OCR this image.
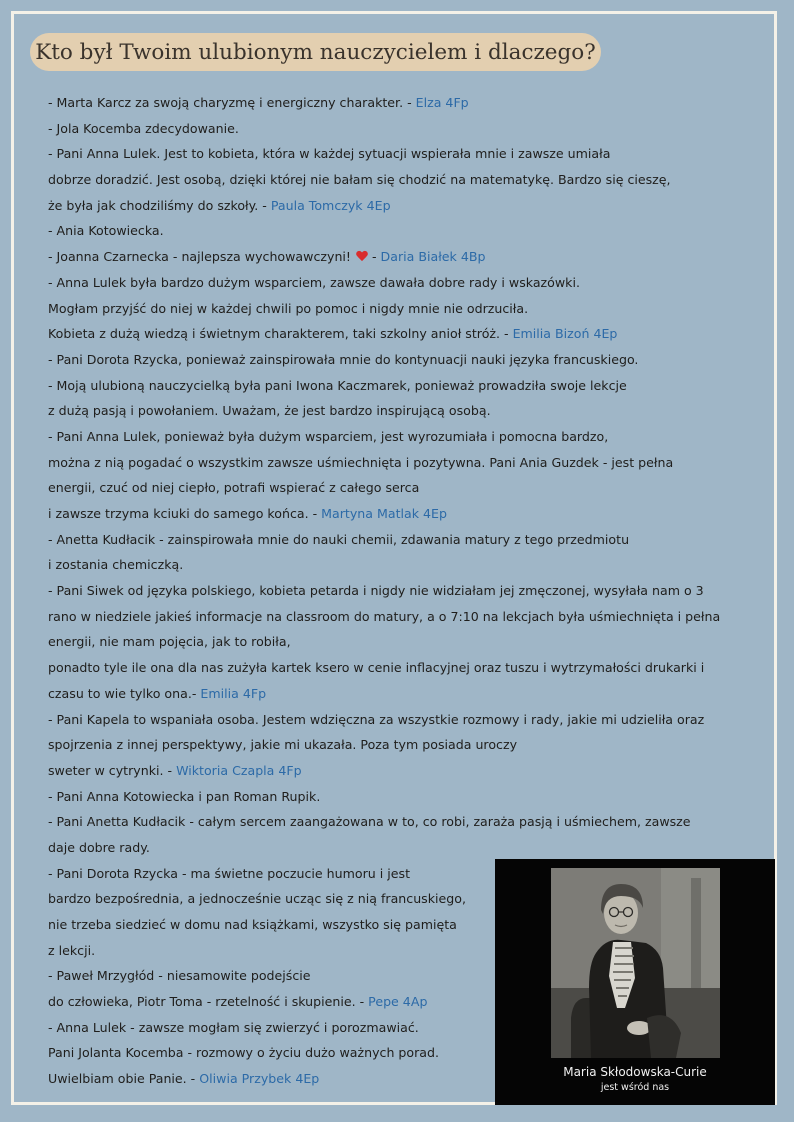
Kto był Twoim ulubionym nauczycielem i dlaczego?
- Marta Karcz za swoją charyzmę i energiczny charakter. - Elza 4Fp
- Jola Kocemba zdecydowanie.
- Pani Anna Lulek. Jest to kobieta, która w każdej sytuacji wspierała mnie i zawsze umiała
dobrze doradzić. Jest osobą, dzięki której nie bałam się chodzić na matematykę. Bardzo się cieszę,
że była jak chodziliśmy do szkoły. - Paula Tomczyk 4Ep
- Ania Kotowiecka.
- Joanna Czarnecka - najlepsza wychowawczyni!  - Daria Białek 4Bp
- Anna Lulek była bardzo dużym wsparciem, zawsze dawała dobre rady i wskazówki.
Mogłam przyjść do niej w każdej chwili po pomoc i nigdy mnie nie odrzuciła.
Kobieta z dużą wiedzą i świetnym charakterem, taki szkolny anioł stróż. - Emilia Bizoń 4Ep
- Pani Dorota Rzycka, ponieważ zainspirowała mnie do kontynuacji nauki języka francuskiego.
- Moją ulubioną nauczycielką była pani Iwona Kaczmarek, ponieważ prowadziła swoje lekcje
z dużą pasją i powołaniem. Uważam, że jest bardzo inspirującą osobą.
- Pani Anna Lulek, ponieważ była dużym wsparciem, jest wyrozumiała i pomocna bardzo,
można z nią pogadać o wszystkim zawsze uśmiechnięta i pozytywna. Pani Ania Guzdek - jest pełna
energii, czuć od niej ciepło, potrafi wspierać z całego serca
i zawsze trzyma kciuki do samego końca. - Martyna Matlak 4Ep
- Anetta Kudłacik - zainspirowała mnie do nauki chemii, zdawania matury z tego przedmiotu
i zostania chemiczką.
- Pani Siwek od języka polskiego, kobieta petarda i nigdy nie widziałam jej zmęczonej, wysyłała nam o 3
rano w niedziele jakieś informacje na classroom do matury, a o 7:10 na lekcjach była uśmiechnięta i pełna
energii, nie mam pojęcia, jak to robiła,
ponadto tyle ile ona dla nas zużyła kartek ksero w cenie inflacyjnej oraz tuszu i wytrzymałości drukarki i
czasu to wie tylko ona.- Emilia 4Fp
- Pani Kapela to wspaniała osoba. Jestem wdzięczna za wszystkie rozmowy i rady, jakie mi udzieliła oraz
spojrzenia z innej perspektywy, jakie mi ukazała. Poza tym posiada uroczy
sweter w cytrynki. - Wiktoria Czapla 4Fp
- Pani Anna Kotowiecka i pan Roman Rupik.
- Pani Anetta Kudłacik - całym sercem zaangażowana w to, co robi, zaraża pasją i uśmiechem, zawsze
daje dobre rady.
- Pani Dorota Rzycka - ma świetne poczucie humoru i jest
bardzo bezpośrednia, a jednocześnie ucząc się z nią francuskiego,
nie trzeba siedzieć w domu nad książkami, wszystko się pamięta
z lekcji.
- Paweł Mrzygłód - niesamowite podejście
do człowieka, Piotr Toma - rzetelność i skupienie. - Pepe 4Ap
- Anna Lulek - zawsze mogłam się zwierzyć i porozmawiać.
Pani Jolanta Kocemba - rozmowy o życiu dużo ważnych porad.
Uwielbiam obie Panie. - Oliwia Przybek 4Ep	Maria Skłodowska-Curie
jest wśród nas
